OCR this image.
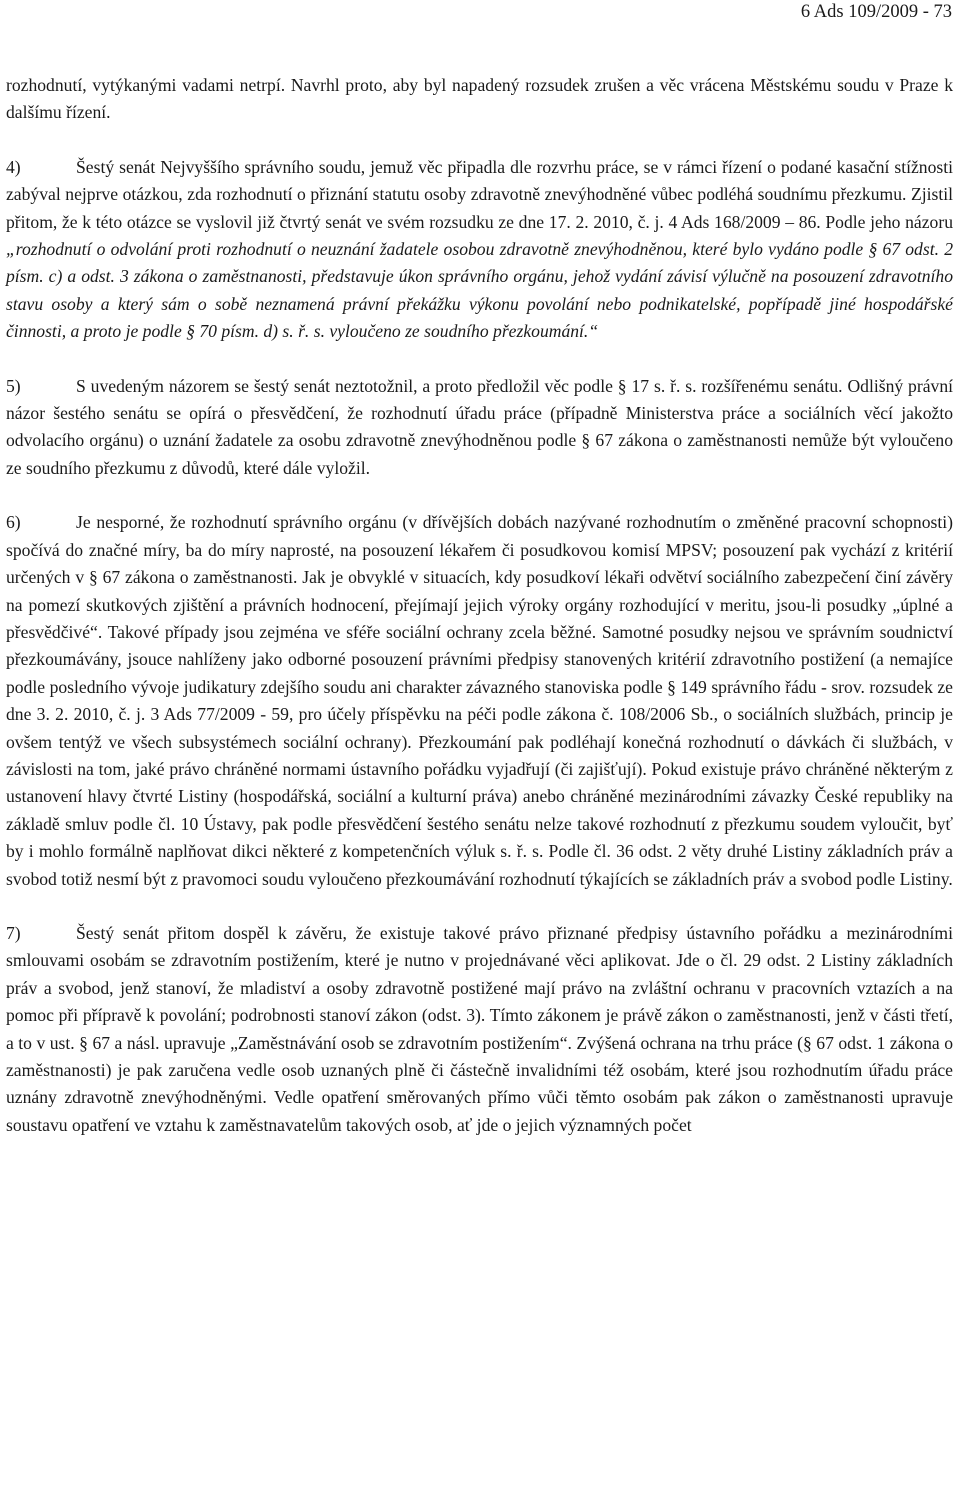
6 Ads 109/2009 - 73

rozhodnutí, vytýkanými vadami netrpí. Navrhl proto, aby byl napadený rozsudek zrušen a věc vrácena Městskému soudu v Praze k dalšímu řízení.

4)	Šestý senát Nejvyššího správního soudu, jemuž věc připadla dle rozvrhu práce, se v rámci řízení o podané kasační stížnosti zabýval nejprve otázkou, zda rozhodnutí o přiznání statutu osoby zdravotně znevýhodněné vůbec podléhá soudnímu přezkumu. Zjistil přitom, že k této otázce se vyslovil již čtvrtý senát ve svém rozsudku ze dne 17. 2. 2010, č. j. 4 Ads 168/2009 – 86. Podle jeho názoru „rozhodnutí o odvolání proti rozhodnutí o neuznání žadatele osobou zdravotně znevýhodněnou, které bylo vydáno podle § 67 odst. 2 písm. c) a odst. 3 zákona o zaměstnanosti, představuje úkon správního orgánu, jehož vydání závisí výlučně na posouzení zdravotního stavu osoby a který sám o sobě neznamená právní překážku výkonu povolání nebo podnikatelské, popřípadě jiné hospodářské činnosti, a proto je podle § 70 písm. d) s. ř. s. vyloučeno ze soudního přezkoumání.“

5)	S uvedeným názorem se šestý senát neztotožnil, a proto předložil věc podle § 17 s. ř. s. rozšířenému senátu. Odlišný právní názor šestého senátu se opírá o přesvědčení, že rozhodnutí úřadu práce (případně Ministerstva práce a sociálních věcí jakožto odvolacího orgánu) o uznání žadatele za osobu zdravotně znevýhodněnou podle § 67 zákona o zaměstnanosti nemůže být vyloučeno ze soudního přezkumu z důvodů, které dále vyložil.

6)	Je nesporné, že rozhodnutí správního orgánu (v dřívějších dobách nazývané rozhodnutím o změněné pracovní schopnosti) spočívá do značné míry, ba do míry naprosté, na posouzení lékařem či posudkovou komisí MPSV; posouzení pak vychází z kritérií určených v § 67 zákona o zaměstnanosti. Jak je obvyklé v situacích, kdy posudkoví lékaři odvětví sociálního zabezpečení činí závěry na pomezí skutkových zjištění a právních hodnocení, přejímají jejich výroky orgány rozhodující v meritu, jsou-li posudky „úplné a přesvědčivé“. Takové případy jsou zejména ve sféře sociální ochrany zcela běžné. Samotné posudky nejsou ve správním soudnictví přezkoumávány, jsouce nahlíženy jako odborné posouzení právními předpisy stanovených kritérií zdravotního postižení (a nemajíce podle posledního vývoje judikatury zdejšího soudu ani charakter závazného stanoviska podle § 149 správního řádu - srov. rozsudek ze dne 3. 2. 2010, č. j. 3 Ads 77/2009 - 59, pro účely příspěvku na péči podle zákona č. 108/2006 Sb., o sociálních službách, princip je ovšem tentýž ve všech subsystémech sociální ochrany). Přezkoumání pak podléhají konečná rozhodnutí o dávkách či službách, v závislosti na tom, jaké právo chráněné normami ústavního pořádku vyjadřují (či zajišťují). Pokud existuje právo chráněné některým z ustanovení hlavy čtvrté Listiny (hospodářská, sociální a kulturní práva) anebo chráněné mezinárodními závazky České republiky na základě smluv podle čl. 10 Ústavy, pak podle přesvědčení šestého senátu nelze takové rozhodnutí z přezkumu soudem vyloučit, byť by i mohlo formálně naplňovat dikci některé z kompetenčních výluk s. ř. s. Podle čl. 36 odst. 2 věty druhé Listiny základních práv a svobod totiž nesmí být z pravomoci soudu vyloučeno přezkoumávání rozhodnutí týkajících se základních práv a svobod podle Listiny.

7)	Šestý senát přitom dospěl k závěru, že existuje takové právo přiznané předpisy ústavního pořádku a mezinárodními smlouvami osobám se zdravotním postižením, které je nutno v projednávané věci aplikovat. Jde o čl. 29 odst. 2 Listiny základních práv a svobod, jenž stanoví, že mladiství a osoby zdravotně postižené mají právo na zvláštní ochranu v pracovních vztazích a na pomoc při přípravě k povolání; podrobnosti stanoví zákon (odst. 3). Tímto zákonem je právě zákon o zaměstnanosti, jenž v části třetí, a to v ust. § 67 a násl. upravuje „Zaměstnávání osob se zdravotním postižením“. Zvýšená ochrana na trhu práce (§ 67 odst. 1 zákona o zaměstnanosti) je pak zaručena vedle osob uznaných plně či částečně invalidními též osobám, které jsou rozhodnutím úřadu práce uznány zdravotně znevýhodněnými. Vedle opatření směrovaných přímo vůči těmto osobám pak zákon o zaměstnanosti upravuje soustavu opatření ve vztahu k zaměstnavatelům takových osob, ať jde o jejich významných počet
